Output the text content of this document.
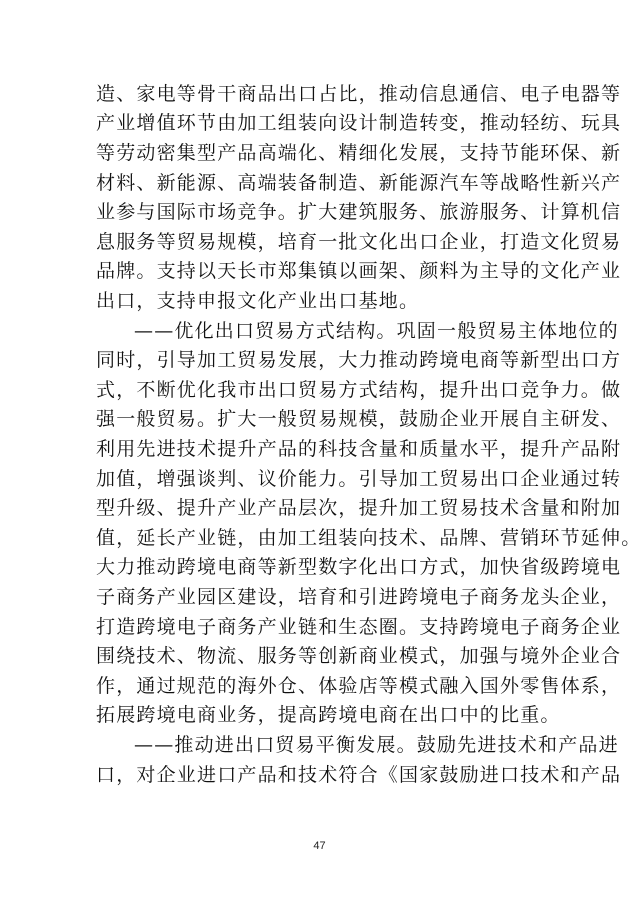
造、家电等骨干商品出口占比，推动信息通信、电子电器等
产业增值环节由加工组装向设计制造转变，推动轻纺、玩具
等劳动密集型产品高端化、精细化发展，支持节能环保、新
材料、新能源、高端装备制造、新能源汽车等战略性新兴产
业参与国际市场竞争。扩大建筑服务、旅游服务、计算机信
息服务等贸易规模，培育一批文化出口企业，打造文化贸易
品牌。支持以天长市郑集镇以画架、颜料为主导的文化产业
出口，支持申报文化产业出口基地。
——优化出口贸易方式结构。巩固一般贸易主体地位的
同时，引导加工贸易发展，大力推动跨境电商等新型出口方
式，不断优化我市出口贸易方式结构，提升出口竞争力。做
强一般贸易。扩大一般贸易规模，鼓励企业开展自主研发、
利用先进技术提升产品的科技含量和质量水平，提升产品附
加值，增强谈判、议价能力。引导加工贸易出口企业通过转
型升级、提升产业产品层次，提升加工贸易技术含量和附加
值，延长产业链，由加工组装向技术、品牌、营销环节延伸。
大力推动跨境电商等新型数字化出口方式，加快省级跨境电
子商务产业园区建设，培育和引进跨境电子商务龙头企业，
打造跨境电子商务产业链和生态圈。支持跨境电子商务企业
围绕技术、物流、服务等创新商业模式，加强与境外企业合
作，通过规范的海外仓、体验店等模式融入国外零售体系，
拓展跨境电商业务，提高跨境电商在出口中的比重。
——推动进出口贸易平衡发展。鼓励先进技术和产品进
口，对企业进口产品和技术符合《国家鼓励进口技术和产品
47
